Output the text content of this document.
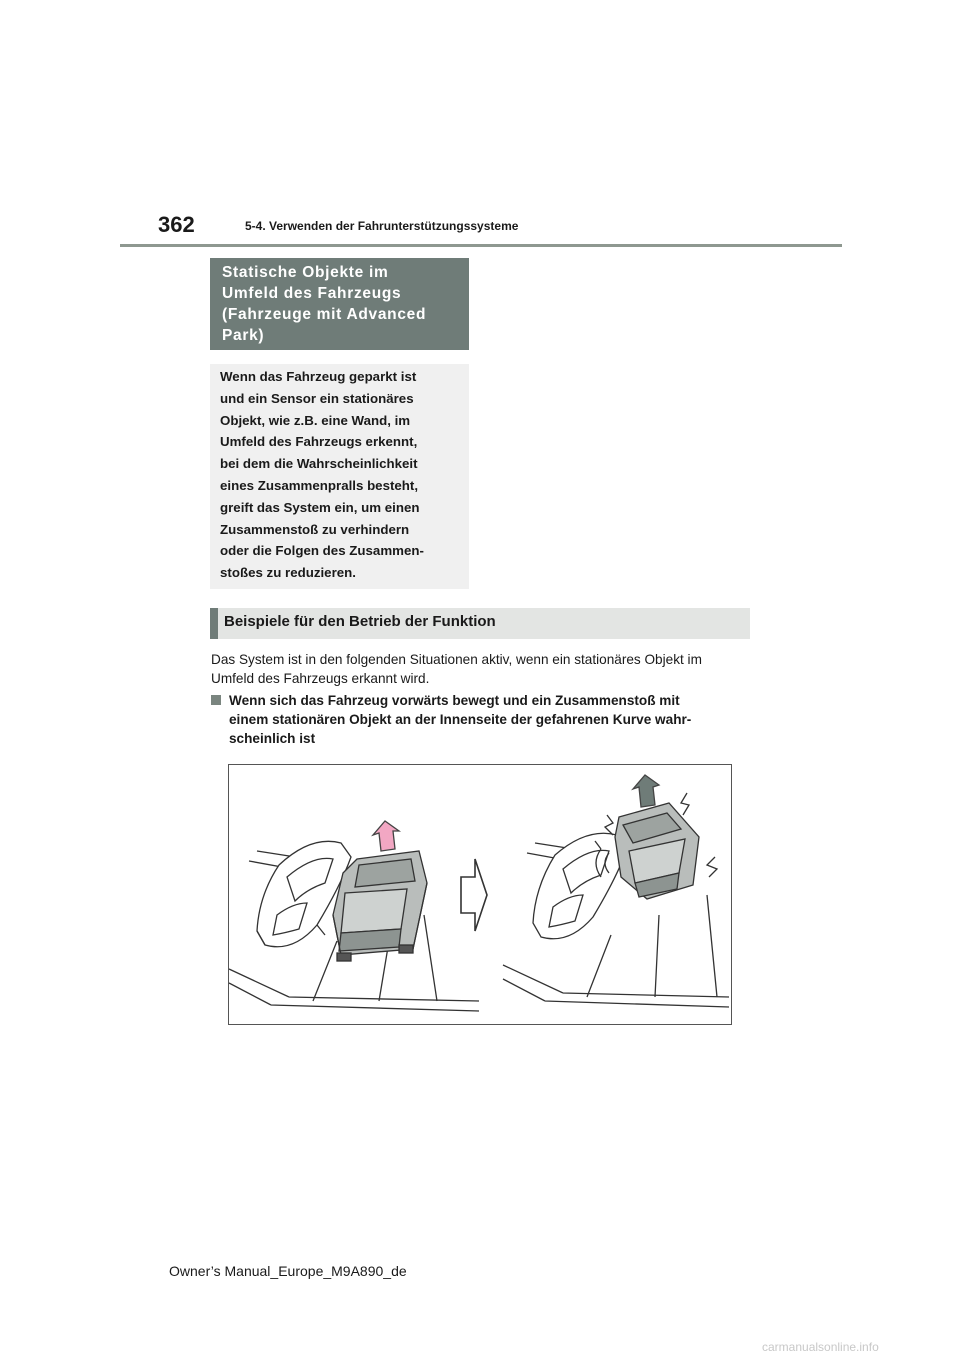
362	5-4. Verwenden der Fahrunterstützungssysteme
Statische Objekte im
Umfeld des Fahrzeugs
(Fahrzeuge mit Advanced
Park)
Wenn das Fahrzeug geparkt ist
und ein Sensor ein stationäres
Objekt, wie z.B. eine Wand, im
Umfeld des Fahrzeugs erkennt,
bei dem die Wahrscheinlichkeit
eines Zusammenpralls besteht,
greift das System ein, um einen
Zusammenstoß zu verhindern
oder die Folgen des Zusammen-
stoßes zu reduzieren.
Beispiele für den Betrieb der Funktion
Das System ist in den folgenden Situationen aktiv, wenn ein stationäres Objekt im
Umfeld des Fahrzeugs erkannt wird.
Wenn sich das Fahrzeug vorwärts bewegt und ein Zusammenstoß mit
einem stationären Objekt an der Innenseite der gefahrenen Kurve wahr-
scheinlich ist
Owner’s Manual_Europe_M9A890_de
carmanualsonline.info
